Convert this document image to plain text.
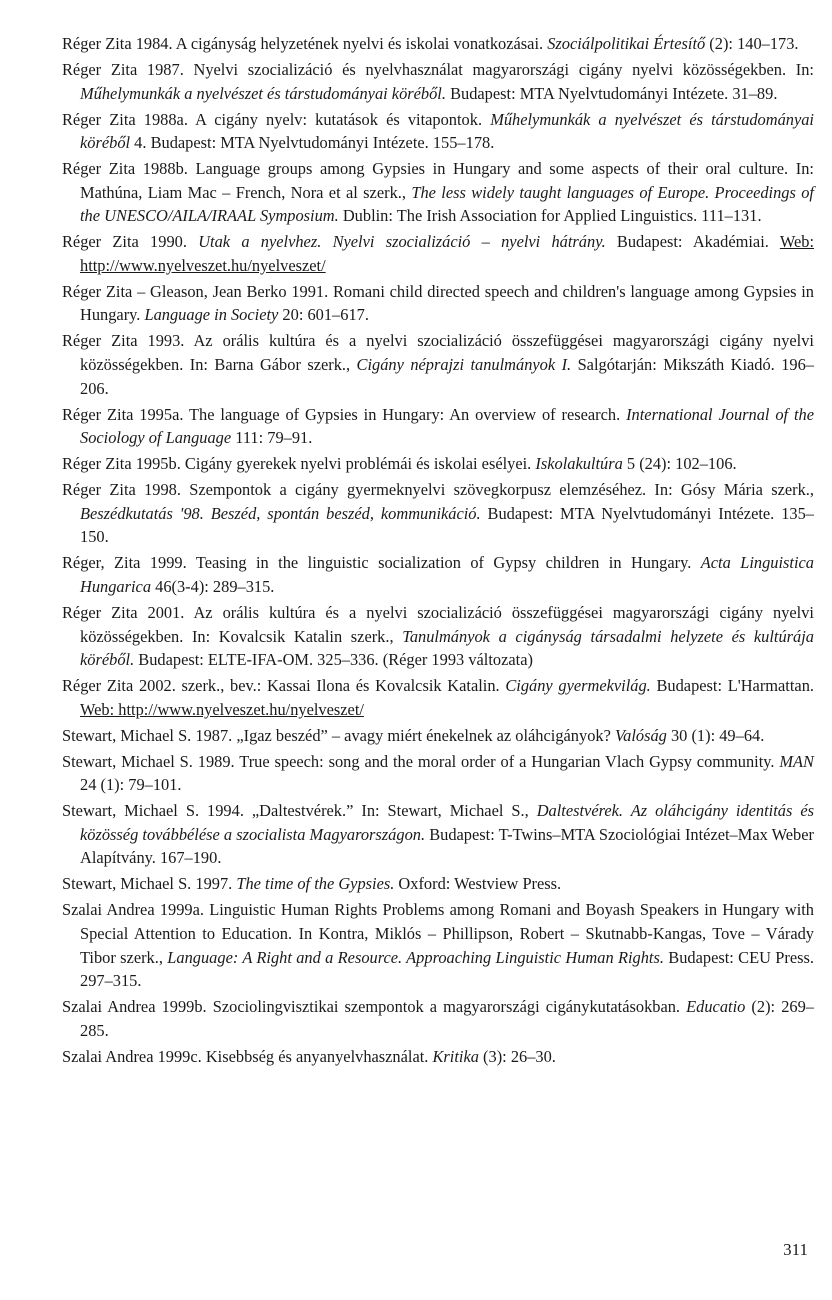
Réger Zita 1984. A cigányság helyzetének nyelvi és iskolai vonatkozásai. Szociálpolitikai Értesítő (2): 140–173.

Réger Zita 1987. Nyelvi szocializáció és nyelvhasználat magyarországi cigány nyelvi közösségekben. In: Műhelymunkák a nyelvészet és társtudományai köréből. Budapest: MTA Nyelvtudományi Intézete. 31–89.

Réger Zita 1988a. A cigány nyelv: kutatások és vitapontok. Műhelymunkák a nyelvészet és társtudományai köréből 4. Budapest: MTA Nyelvtudományi Intézete. 155–178.

Réger Zita 1988b. Language groups among Gypsies in Hungary and some aspects of their oral culture. In: Mathúna, Liam Mac – French, Nora et al szerk., The less widely taught languages of Europe. Proceedings of the UNESCO/AILA/IRAAL Symposium. Dublin: The Irish Association for Applied Linguistics. 111–131.

Réger Zita 1990. Utak a nyelvhez. Nyelvi szocializáció – nyelvi hátrány. Budapest: Akadémiai. Web: http://www.nyelveszet.hu/nyelveszet/

Réger Zita – Gleason, Jean Berko 1991. Romani child directed speech and children's language among Gypsies in Hungary. Language in Society 20: 601–617.

Réger Zita 1993. Az orális kultúra és a nyelvi szocializáció összefüggései magyarországi cigány nyelvi közösségekben. In: Barna Gábor szerk., Cigány néprajzi tanulmányok I. Salgótarján: Mikszáth Kiadó. 196–206.

Réger Zita 1995a. The language of Gypsies in Hungary: An overview of research. International Journal of the Sociology of Language 111: 79–91.

Réger Zita 1995b. Cigány gyerekek nyelvi problémái és iskolai esélyei. Iskolakultúra 5 (24): 102–106.

Réger Zita 1998. Szempontok a cigány gyermeknyelvi szövegkorpusz elemzéséhez. In: Gósy Mária szerk., Beszédkutatás '98. Beszéd, spontán beszéd, kommunikáció. Budapest: MTA Nyelvtudományi Intézete. 135–150.

Réger, Zita 1999. Teasing in the linguistic socialization of Gypsy children in Hungary. Acta Linguistica Hungarica 46(3-4): 289–315.

Réger Zita 2001. Az orális kultúra és a nyelvi szocializáció összefüggései magyarországi cigány nyelvi közösségekben. In: Kovalcsik Katalin szerk., Tanulmányok a cigányság társadalmi helyzete és kultúrája köréből. Budapest: ELTE-IFA-OM. 325–336. (Réger 1993 változata)

Réger Zita 2002. szerk., bev.: Kassai Ilona és Kovalcsik Katalin. Cigány gyermekvilág. Budapest: L'Harmattan. Web: http://www.nyelveszet.hu/nyelveszet/

Stewart, Michael S. 1987. „Igaz beszéd” – avagy miért énekelnek az oláhcigányok? Valóság 30 (1): 49–64.

Stewart, Michael S. 1989. True speech: song and the moral order of a Hungarian Vlach Gypsy community. MAN 24 (1): 79–101.

Stewart, Michael S. 1994. „Daltestvérek.” In: Stewart, Michael S., Daltestvérek. Az oláhcigány identitás és közösség továbbélése a szocialista Magyarországon. Budapest: T-Twins–MTA Szociológiai Intézet–Max Weber Alapítvány. 167–190.

Stewart, Michael S. 1997. The time of the Gypsies. Oxford: Westview Press.

Szalai Andrea 1999a. Linguistic Human Rights Problems among Romani and Boyash Speakers in Hungary with Special Attention to Education. In Kontra, Miklós – Phillipson, Robert – Skutnabb-Kangas, Tove – Várady Tibor szerk., Language: A Right and a Resource. Approaching Linguistic Human Rights. Budapest: CEU Press. 297–315.

Szalai Andrea 1999b. Szociolingvisztikai szempontok a magyarországi cigánykutatásokban. Educatio (2): 269–285.

Szalai Andrea 1999c. Kisebbség és anyanyelvhasználat. Kritika (3): 26–30.

311
